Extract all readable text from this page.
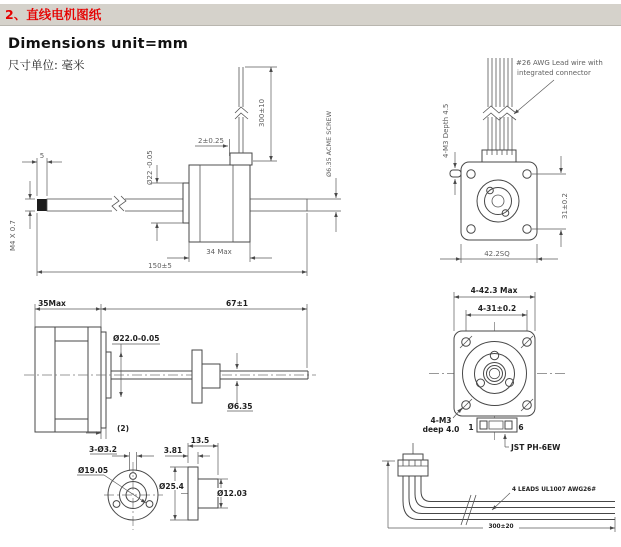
2、直线电机图纸
Dimensions unit=mm
尺寸单位: 毫米
5
M4 X 0.7
Ø22 -0.05
2±0.25
300±10	Ø6.35 ACME SCREW
34 Max
150±5
#26 AWG Lead wire with
integrated connector
4-M3 Depth 4.5
31±0.2
42.2SQ
35Max	67±1
Ø22.0-0.05
Ø6.35
(2)
4-42.3 Max
4-31±0.2
1	6
JST PH-6EW
4-M3
deep 4.0
3-Ø3.2
Ø19.05
13.5
3.81
Ø25.4
Ø12.03	4 LEADS UL1007 AWG26#
300±20
